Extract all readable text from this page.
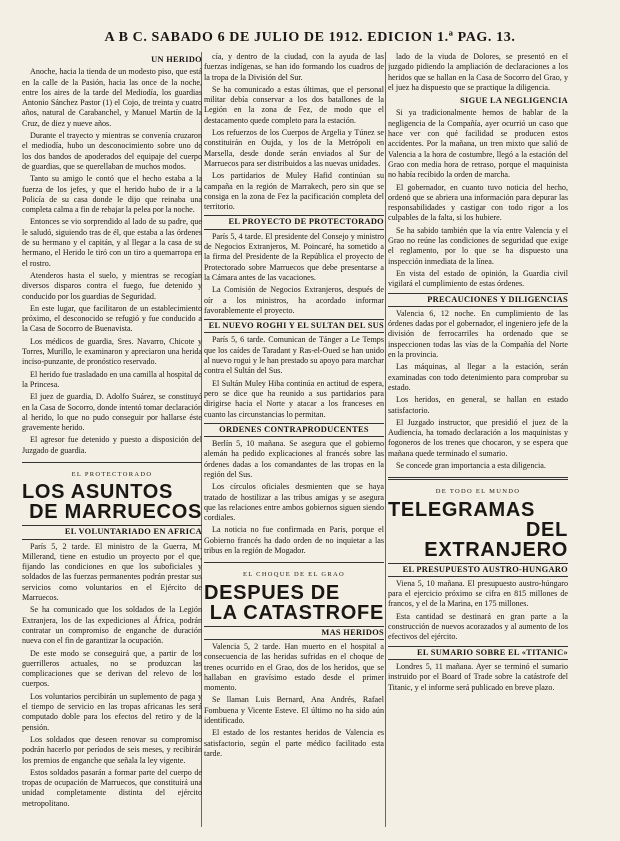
A B C. SABADO 6 DE JULIO DE 1912. EDICION 1.ª PAG. 13.
UN HERIDO

Anoche, hacia la tienda de un modesto piso, que está en la calle de la Pasión, hacia las once de la noche, entre los aires de la tarde del Mediodía, los guardias Antonio Sánchez Pastor (1) el Cojo, de treinta y cuatro años, natural de Carabanchel, y Manuel Martín de la Cruz, de diez y nueve años.

Durante el trayecto y mientras se convenía cruzaron el mediodía, hubo un desconocimiento sobre uno de los dos bandos de apoderados del equipaje del cuerpo de guardias, que se querellaban de muchos modos.

Tanto su amigo le contó que el hecho estaba a la fuerza de los jefes, y que el herido hubo de ir a la Policía de su casa donde le dijo que reinaba una completa calma a fin de rebajar la pelea por la noche.

Entonces se vio sorprendido al lado de su padre, que le saludó, siguiendo tras de él, que estaba a las órdenes de su hermano y el capitán, y al llegar a la casa de su hermano, el Herido le tiró con un tiro a quemarropa en el rostro.

Atenderos hasta el suelo, y mientras se recogían diversos disparos contra el fuego, fue detenido y conducido por los guardias de Seguridad.

En este lugar, que facilitaron de un establecimiento próximo, el desconocido se refugió y fue conducido a la Casa de Socorro de Buenavista.

Los médicos de guardia, Sres. Navarro, Chicote y Torres, Murillo, le examinaron y apreciaron una herida inciso-punzante, de pronóstico reservado.

El herido fue trasladado en una camilla al hospital de la Princesa.

El juez de guardia, D. Adolfo Suárez, se constituyó en la Casa de Socorro, donde intentó tomar declaración al herido, lo que no pudo conseguir por hallarse éste gravemente herido.

El agresor fue detenido y puesto a disposición del Juzgado de guardia.

EL PROTECTORADO
LOS ASUNTOS
DE MARRUECOS
EL VOLUNTARIADO EN AFRICA

París 5, 2 tarde. El ministro de la Guerra, M. Millerand, tiene en estudio un proyecto por el que, fijando las condiciones en que los suboficiales y soldados de las fuerzas permanentes podrán prestar sus servicios como voluntarios en el Ejército de Marruecos.

Se ha comunicado que los soldados de la Legión Extranjera, los de las expediciones al África, podrán contratar un compromiso de enganche de duración nueva con el fin de garantizar la ocupación.

De este modo se conseguirá que, a partir de los guerrilleros actuales, no se produzcan las complicaciones que se derivan del relevo de los cuerpos.

Los voluntarios percibirán un suplemento de paga y el tiempo de servicio en las tropas africanas les será computado doble para los efectos del retiro y de la pensión.

Los soldados que deseen renovar su compromiso podrán hacerlo por períodos de seis meses, y recibirán los premios de enganche que señala la ley vigente.

Estos soldados pasarán a formar parte del cuerpo de tropas de ocupación de Marruecos, que constituirá una unidad completamente distinta del ejército metropolitano.

cía, y dentro de la ciudad, con la ayuda de las fuerzas indígenas, se han ido formando los cuadros de la tropa de la División del Sur.

Se ha comunicado a estas últimas, que el personal militar debía conservar a los dos batallones de la Legión en la zona de Fez, de modo que el destacamento quede completo para la estación.

Los refuerzos de los Cuerpos de Argelia y Túnez se constituirán en Oujda, y los de la Metrópoli en Marsella, desde donde serán enviados al Sur de Marruecos para ser distribuidos a las nuevas unidades.

Los partidarios de Muley Hafid continúan su campaña en la región de Marrakech, pero sin que se consiga en la zona de Fez la pacificación completa del territorio.

EL PROYECTO DE PROTECTORADO

París 5, 4 tarde. El presidente del Consejo y ministro de Negocios Extranjeros, M. Poincaré, ha sometido a la firma del Presidente de la República el proyecto de Protectorado sobre Marruecos que debe presentarse a la Cámara antes de las vacaciones.

La Comisión de Negocios Extranjeros, después de oír a los ministros, ha acordado informar favorablemente el proyecto.

EL NUEVO ROGHI Y EL SULTAN DEL SUS

París 5, 6 tarde. Comunican de Tánger a Le Temps que los caídes de Taradant y Ras-el-Oued se han unido al nuevo rogui y le han prestado su apoyo para marchar contra el Sultán del Sus.

El Sultán Muley Hiba continúa en actitud de espera, pero se dice que ha reunido a sus partidarios para dirigirse hacia el Norte y atacar a los franceses en cuanto las circunstancias lo permitan.

ORDENES CONTRAPRODUCENTES

Berlín 5, 10 mañana. Se asegura que el gobierno alemán ha pedido explicaciones al francés sobre las órdenes dadas a los comandantes de las tropas en la región del Sus.

Los círculos oficiales desmienten que se haya tratado de hostilizar a las tribus amigas y se asegura que las relaciones entre ambos gobiernos siguen siendo cordiales.

La noticia no fue confirmada en París, porque el Gobierno francés ha dado orden de no inquietar a las tribus en la región de Mogador.

EL CHOQUE DE EL GRAO
DESPUES DE
LA CATASTROFE
MAS HERIDOS

Valencia 5, 2 tarde. Han muerto en el hospital a consecuencia de las heridas sufridas en el choque de trenes ocurrido en el Grao, dos de los heridos, que se hallaban en gravísimo estado desde el primer momento.

Se llaman Luis Bernard, Ana Andrés, Rafael Fombuena y Vicente Esteve. El último no ha sido aún identificado.

El estado de los restantes heridos de Valencia es satisfactorio, según el parte médico facilitado esta tarde.

lado de la viuda de Dolores, se presentó en el juzgado pidiendo la ampliación de declaraciones a los heridos que se hallan en la Casa de Socorro del Grao, y el juez ha dispuesto que se practique la diligencia.

SIGUE LA NEGLIGENCIA

Si ya tradicionalmente hemos de hablar de la negligencia de la Compañía, ayer ocurrió un caso que hace ver con qué facilidad se producen estos accidentes. Por la mañana, un tren mixto que salió de Valencia a la hora de costumbre, llegó a la estación del Grao con media hora de retraso, porque el maquinista no había recibido la orden de marcha.

El gobernador, en cuanto tuvo noticia del hecho, ordenó que se abriera una información para depurar las responsabilidades y castigar con todo rigor a los culpables de la falta, si los hubiere.

Se ha sabido también que la vía entre Valencia y el Grao no reúne las condiciones de seguridad que exige el reglamento, por lo que se ha dispuesto una inspección inmediata de la línea.

En vista del estado de opinión, la Guardia civil vigilará el cumplimiento de estas órdenes.

PRECAUCIONES Y DILIGENCIAS

Valencia 6, 12 noche. En cumplimiento de las órdenes dadas por el gobernador, el ingeniero jefe de la división de ferrocarriles ha ordenado que se inspeccionen todas las vías de la Compañía del Norte en la provincia.

Las máquinas, al llegar a la estación, serán examinadas con todo detenimiento para comprobar su estado.

Los heridos, en general, se hallan en estado satisfactorio.

El Juzgado instructor, que presidió el juez de la Audiencia, ha tomado declaración a los maquinistas y fogoneros de los trenes que chocaron, y se espera que mañana quede terminado el sumario.

Se concede gran importancia a esta diligencia.

DE TODO EL MUNDO
TELEGRAMAS
DEL EXTRANJERO
EL PRESUPUESTO AUSTRO-HUNGARO

Viena 5, 10 mañana. El presupuesto austro-húngaro para el ejercicio próximo se cifra en 815 millones de francos, y el de la Marina, en 175 millones.

Esta cantidad se destinará en gran parte a la construcción de nuevos acorazados y al aumento de los efectivos del ejército.

EL SUMARIO SOBRE EL «TITANIC»

Londres 5, 11 mañana. Ayer se terminó el sumario instruido por el Board of Trade sobre la catástrofe del Titanic, y el informe será publicado en breve plazo.
